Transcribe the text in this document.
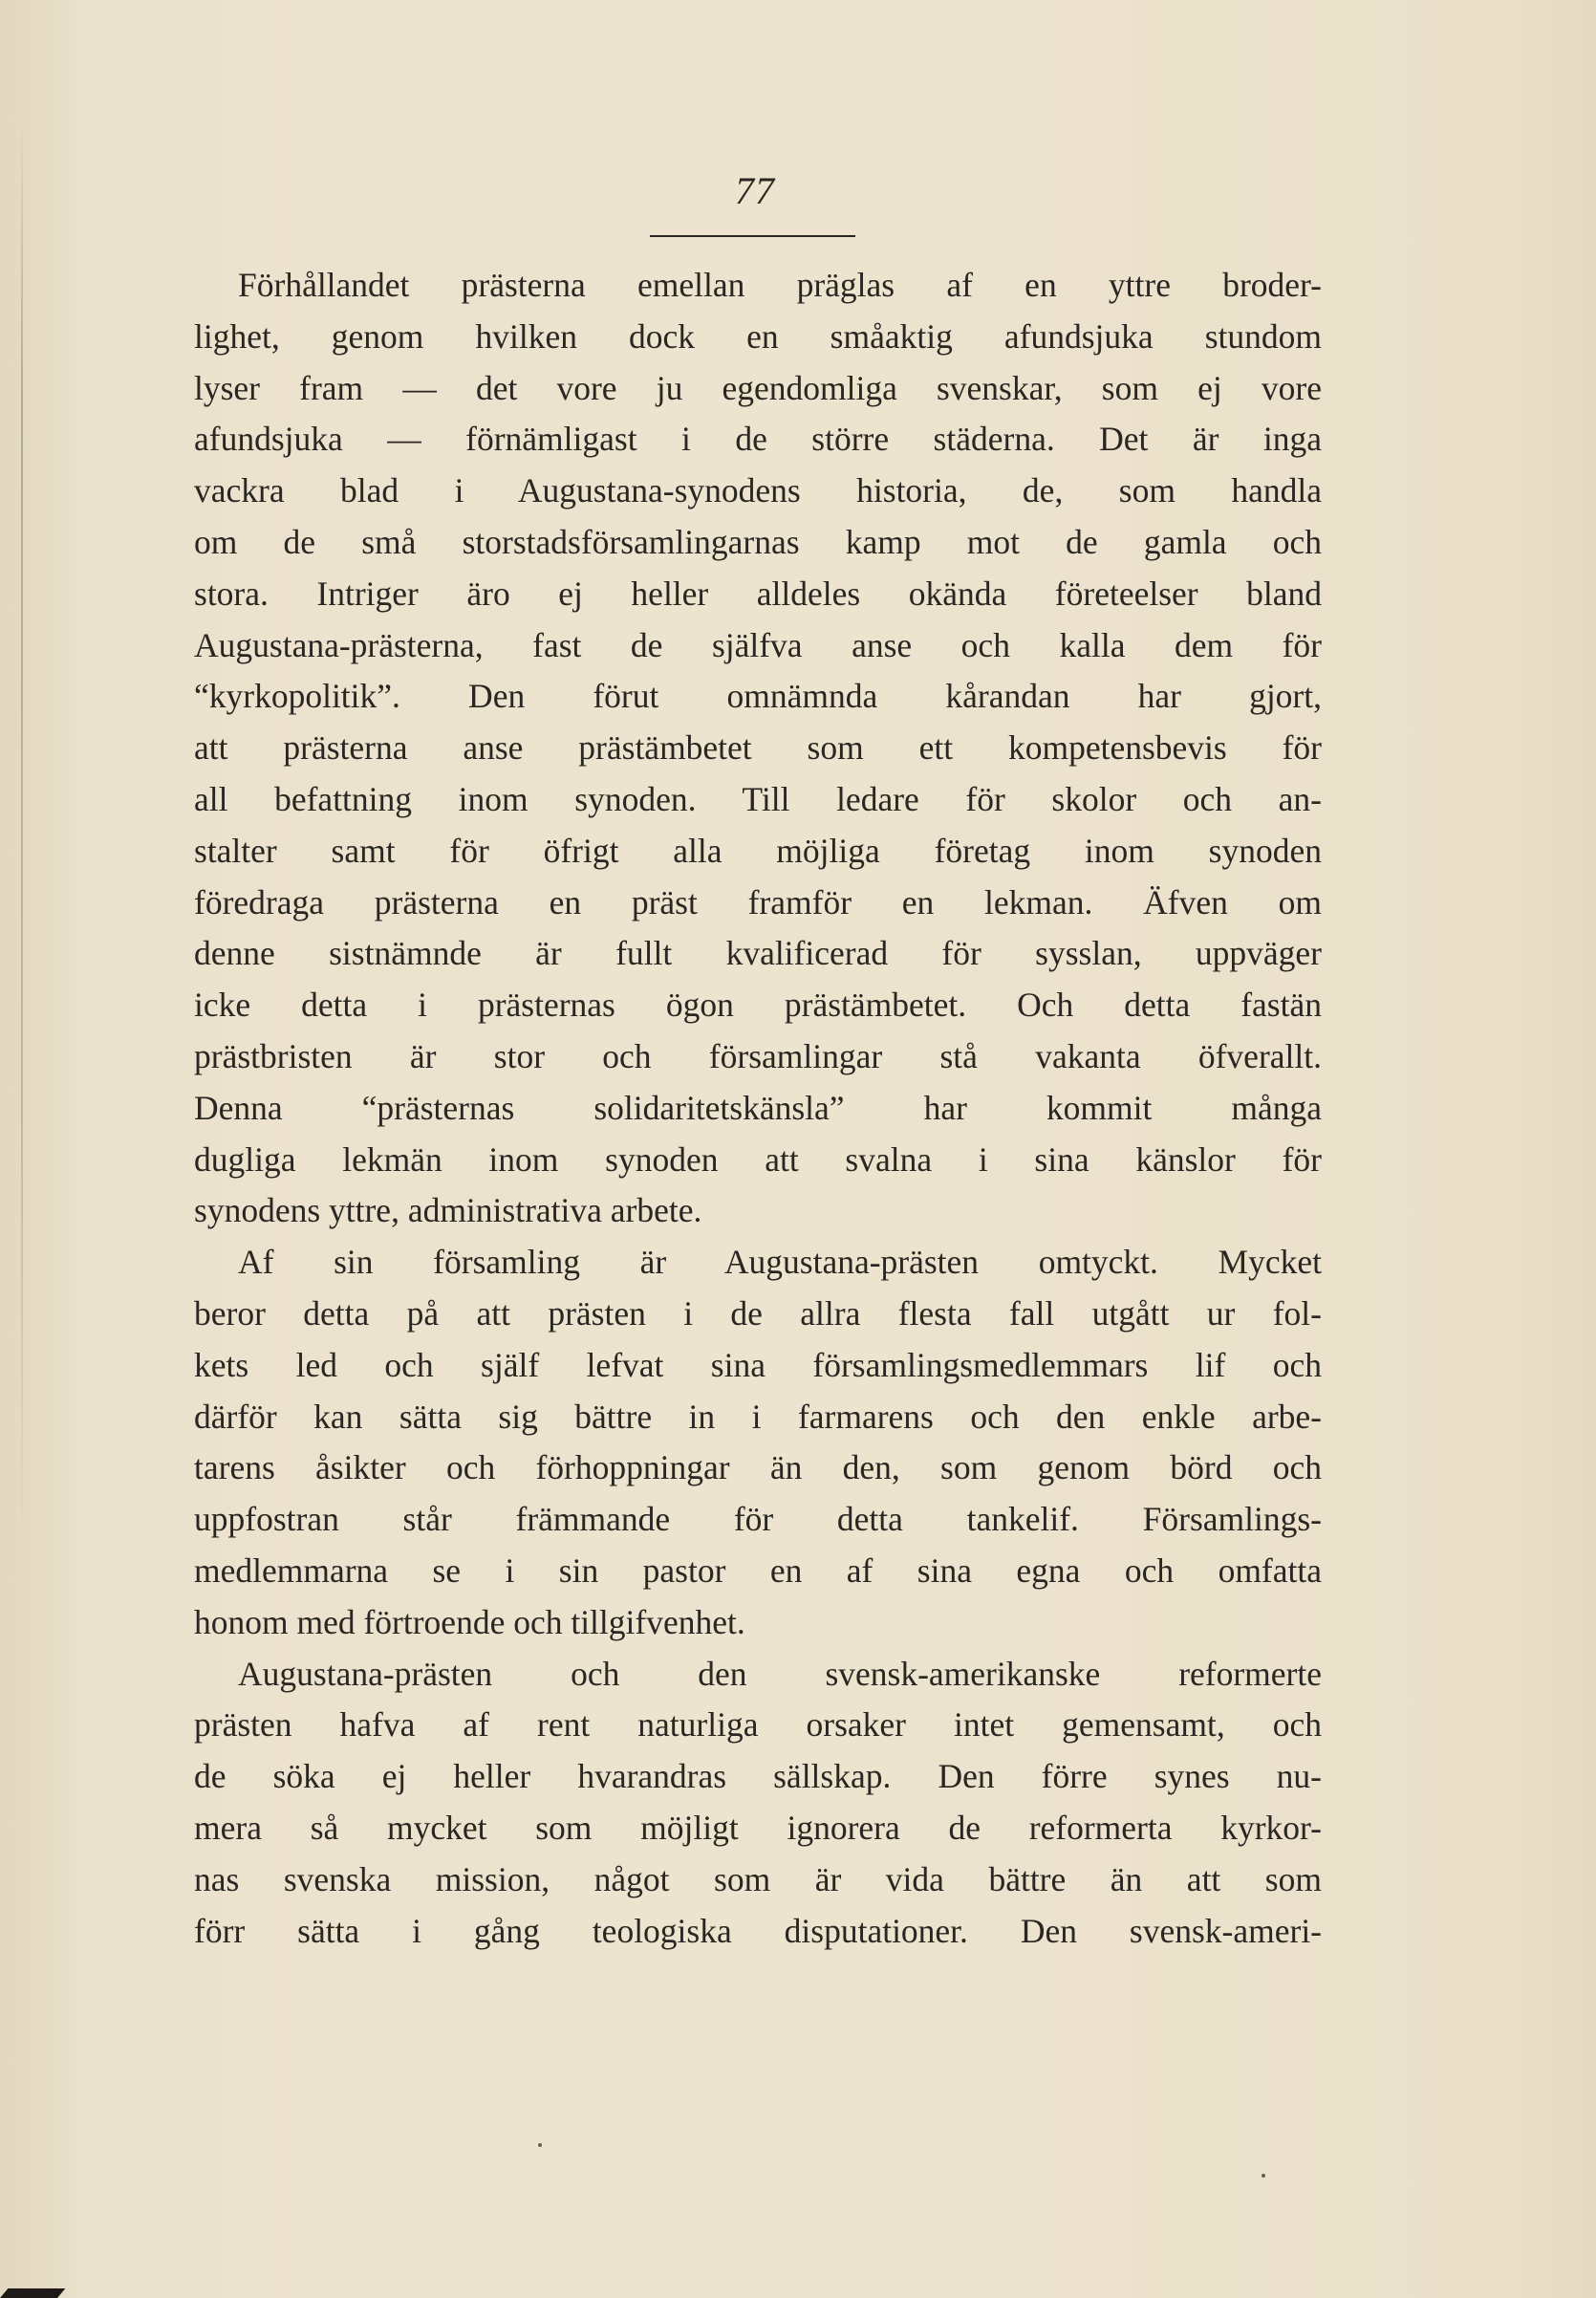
77
Förhållandet prästerna emellan präglas af en yttre broder-
lighet, genom hvilken dock en småaktig afundsjuka stundom
lyser fram — det vore ju egendomliga svenskar, som ej vore
afundsjuka — förnämligast i de större städerna. Det är inga
vackra blad i Augustana-synodens historia, de, som handla
om de små storstadsförsamlingarnas kamp mot de gamla och
stora. Intriger äro ej heller alldeles okända företeelser bland
Augustana-prästerna, fast de själfva anse och kalla dem för
“kyrkopolitik”. Den förut omnämnda kårandan har gjort,
att prästerna anse prästämbetet som ett kompetensbevis för
all befattning inom synoden. Till ledare för skolor och an-
stalter samt för öfrigt alla möjliga företag inom synoden
föredraga prästerna en präst framför en lekman. Äfven om
denne sistnämnde är fullt kvalificerad för sysslan, uppväger
icke detta i prästernas ögon prästämbetet. Och detta fastän
prästbristen är stor och församlingar stå vakanta öfverallt.
Denna “prästernas solidaritetskänsla” har kommit många
dugliga lekmän inom synoden att svalna i sina känslor för
synodens yttre, administrativa arbete.
Af sin församling är Augustana-prästen omtyckt. Mycket
beror detta på att prästen i de allra flesta fall utgått ur fol-
kets led och själf lefvat sina församlingsmedlemmars lif och
därför kan sätta sig bättre in i farmarens och den enkle arbe-
tarens åsikter och förhoppningar än den, som genom börd och
uppfostran står främmande för detta tankelif. Församlings-
medlemmarna se i sin pastor en af sina egna och omfatta
honom med förtroende och tillgifvenhet.
Augustana-prästen och den svensk-amerikanske reformerte
prästen hafva af rent naturliga orsaker intet gemensamt, och
de söka ej heller hvarandras sällskap. Den förre synes nu-
mera så mycket som möjligt ignorera de reformerta kyrkor-
nas svenska mission, något som är vida bättre än att som
förr sätta i gång teologiska disputationer. Den svensk-ameri-
